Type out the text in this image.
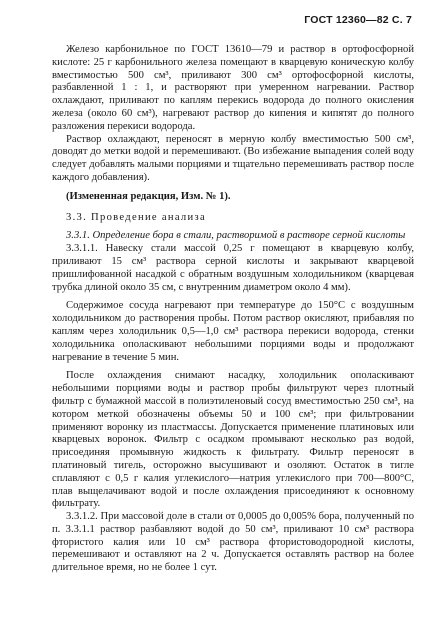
ГОСТ 12360—82 С. 7

Железо карбонильное по ГОСТ 13610—79 и раствор в ортофосфорной кислоте: 25 г карбонильного железа помещают в кварцевую коническую колбу вместимостью 500 см³, приливают 300 см³ ортофосфорной кислоты, разбавленной 1 : 1, и растворяют при умеренном нагревании. Раствор охлаждают, приливают по каплям перекись водорода до полного окисления железа (около 60 см³), нагревают раствор до кипения и кипятят до полного разложения перекиси водорода.

Раствор охлаждают, переносят в мерную колбу вместимостью 500 см³, доводят до метки водой и перемешивают. (Во избежание выпадения солей воду следует добавлять малыми порциями и тщательно перемешивать раствор после каждого добавления).

(Измененная редакция, Изм. № 1).

3.3. Проведение анализа

3.3.1. Определение бора в стали, растворимой в растворе серной кислоты

3.3.1.1. Навеску стали массой 0,25 г помещают в кварцевую колбу, приливают 15 см³ раствора серной кислоты и закрывают кварцевой пришлифованной насадкой с обратным воздушным холодильником (кварцевая трубка длиной около 35 см, с внутренним диаметром около 4 мм).

Содержимое сосуда нагревают при температуре до 150°С с воздушным холодильником до растворения пробы. Потом раствор окисляют, прибавляя по каплям через холодильник 0,5—1,0 см³ раствора перекиси водорода, стенки холодильника ополаскивают небольшими порциями воды и продолжают нагревание в течение 5 мин.

После охлаждения снимают насадку, холодильник ополаскивают небольшими порциями воды и раствор пробы фильтруют через плотный фильтр с бумажной массой в полиэтиленовый сосуд вместимостью 250 см³, на котором меткой обозначены объемы 50 и 100 см³; при фильтровании применяют воронку из пластмассы. Допускается применение платиновых или кварцевых воронок. Фильтр с осадком промывают несколько раз водой, присоединяя промывную жидкость к фильтрату. Фильтр переносят в платиновый тигель, осторожно высушивают и озоляют. Остаток в тигле сплавляют с 0,5 г калия углекислого—натрия углекислого при 700—800°С, плав выщелачивают водой и после охлаждения присоединяют к основному фильтрату.

3.3.1.2. При массовой доле в стали от 0,0005 до 0,005% бора, полученный по п. 3.3.1.1 раствор разбавляют водой до 50 см³, приливают 10 см³ раствора фтористого калия или 10 см³ раствора фтористоводородной кислоты, перемешивают и оставляют на 2 ч. Допускается оставлять раствор на более длительное время, но не более 1 сут.
